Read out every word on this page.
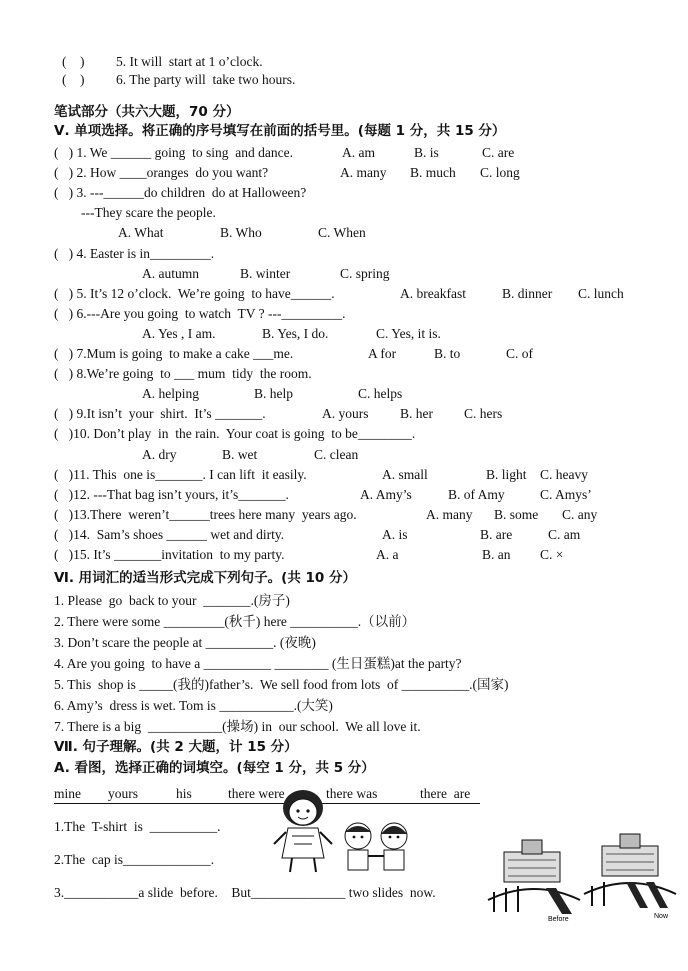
(    ) 5. It will  start at 1 o’clock.
(    ) 6. The party will  take two hours.
笔试部分（共六大题，70 分）
Ⅴ. 单项选择。将正确的序号填写在前面的括号里。(每题 1 分，共 15 分）
(   ) 1. We ______ going  to sing  and dance.	A. am	B. is	C. are
(   ) 2. How ____oranges  do you want?	A. many B. much C. long
(   ) 3. ---______do children  do at Halloween?
---They scare the people.
A. What	B. Who	C. When
(   ) 4. Easter is in_________.
A. autumn	B. winter	C. spring
(   ) 5. It’s 12 o’clock.  We’re going  to have______.	A. breakfast	B. dinner C. lunch
(   ) 6.---Are you going  to watch  TV ? ---_________.
A. Yes , I am.	B. Yes, I do.	C. Yes, it is.
(   ) 7.Mum is going  to make a cake ___me.	A for	B. to	C. of
(   ) 8.We’re going  to ___ mum  tidy  the room.
A. helping	B. help	C. helps
(   ) 9.It isn’t  your  shirt.  It’s _______.	A. yours B. her C. hers
(   )10. Don’t play  in  the rain.  Your coat is going  to be________.
A. dry	B. wet	C. clean
(   )11. This  one is_______. I can lift  it easily.	A. small	B. light C. heavy
(   )12. ---That bag isn’t yours, it’s_______.	A. Amy’s	B. of Amy	C. Amys’
(   )13.There  weren’t______trees here many  years ago.	A. many B. some C. any
(   )14.  Sam’s shoes ______ wet and dirty.	A. is	B. are	C. am
(   )15. It’s _______invitation  to my party.	A. a	B. an C. ×
Ⅵ. 用词汇的适当形式完成下列句子。(共 10 分）
1. Please  go  back to your  _______.(房子)
2. There were some _________(秋千) here __________.（以前）
3. Don’t scare the people at __________. (夜晚)
4. Are you going  to have a __________ ________ (生日蛋糕)at the party?
5. This  shop is _____(我的)father’s.  We sell food from lots  of __________.(国家)
6. Amy’s  dress is wet. Tom is ___________.(大笑)
7. There is a big  ___________(操场) in  our school.  We all love it.
Ⅶ. 句子理解。(共 2 大题，计 15 分）
A. 看图，选择正确的词填空。(每空 1 分，共 5 分）
mine yours	his	there were	there was	there  are
1.The  T-shirt  is  __________.
2.The  cap is_____________.
3.___________a slide  before.    But______________ two slides  now.
Before	Now
